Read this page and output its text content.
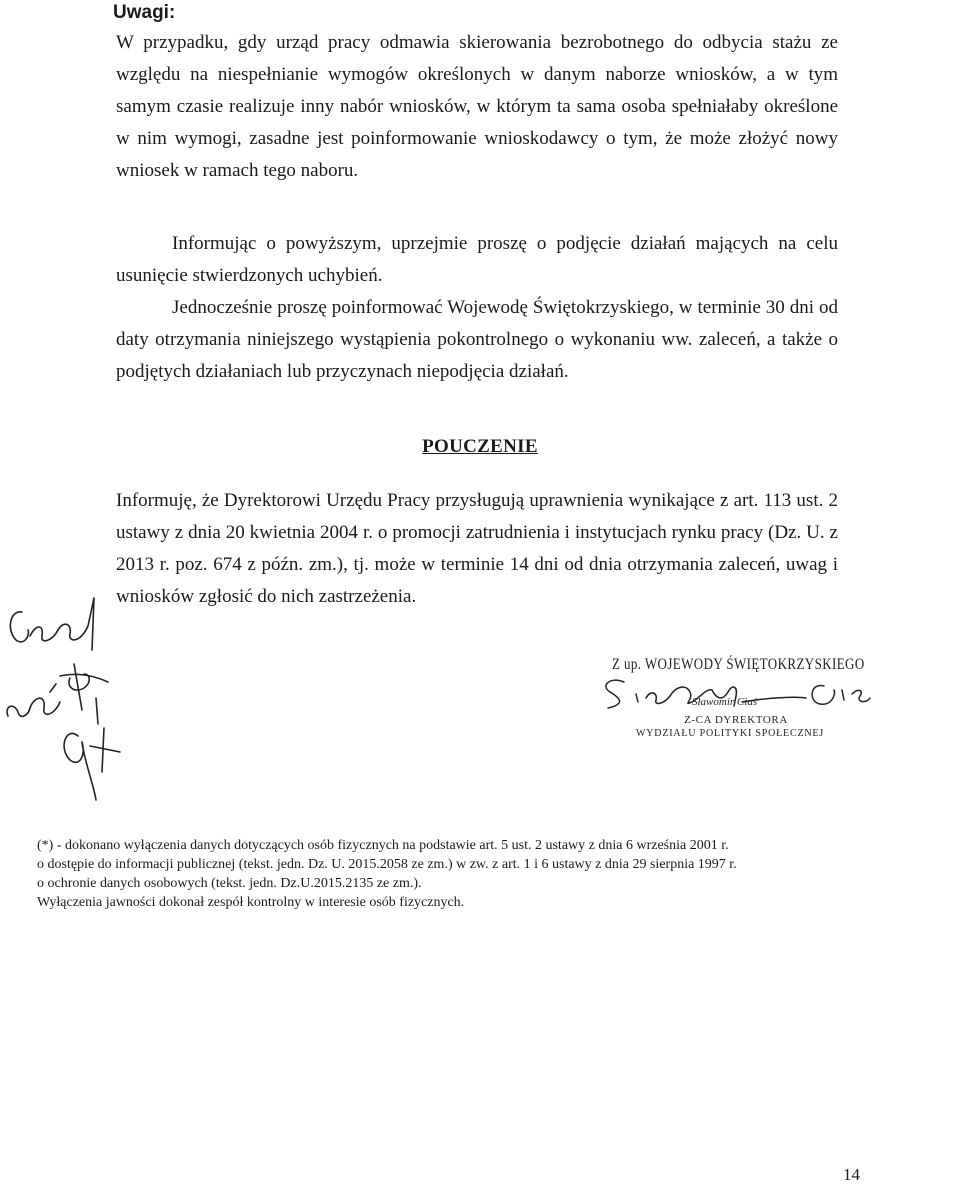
Uwagi:

W przypadku, gdy urząd pracy odmawia skierowania bezrobotnego do odbycia stażu ze względu na niespełnianie wymogów określonych w danym naborze wniosków, a w tym samym czasie realizuje inny nabór wniosków, w którym ta sama osoba spełniałaby określone w nim wymogi, zasadne jest poinformowanie wnioskodawcy o tym, że może złożyć nowy wniosek w ramach tego naboru.

Informując o powyższym, uprzejmie proszę o podjęcie działań mających na celu usunięcie stwierdzonych uchybień.

Jednocześnie proszę poinformować Wojewodę Świętokrzyskiego, w terminie 30 dni od daty otrzymania niniejszego wystąpienia pokontrolnego o wykonaniu ww. zaleceń, a także o podjętych działaniach lub przyczynach niepodjęcia działań.

POUCZENIE

Informuję, że Dyrektorowi Urzędu Pracy przysługują uprawnienia wynikające z art. 113 ust. 2 ustawy z dnia 20 kwietnia 2004 r. o promocji zatrudnienia i instytucjach rynku pracy (Dz. U. z 2013 r. poz. 674 z późn. zm.), tj. może w terminie 14 dni od dnia otrzymania zaleceń, uwag i wniosków zgłosić do nich zastrzeżenia.

Z up. WOJEWODY ŚWIĘTOKRZYSKIEGO
Sławomir Ciaś
Z-CA DYREKTORA
WYDZIAŁU POLITYKI SPOŁECZNEJ
(*) - dokonano wyłączenia danych dotyczących osób fizycznych na podstawie art. 5 ust. 2 ustawy z dnia 6 września 2001 r.
o dostępie do informacji publicznej (tekst. jedn. Dz. U. 2015.2058 ze zm.) w zw. z art. 1 i 6 ustawy z dnia 29 sierpnia 1997 r.
o ochronie danych osobowych (tekst. jedn. Dz.U.2015.2135 ze zm.).
Wyłączenia jawności dokonał zespół kontrolny w interesie osób fizycznych.
14
